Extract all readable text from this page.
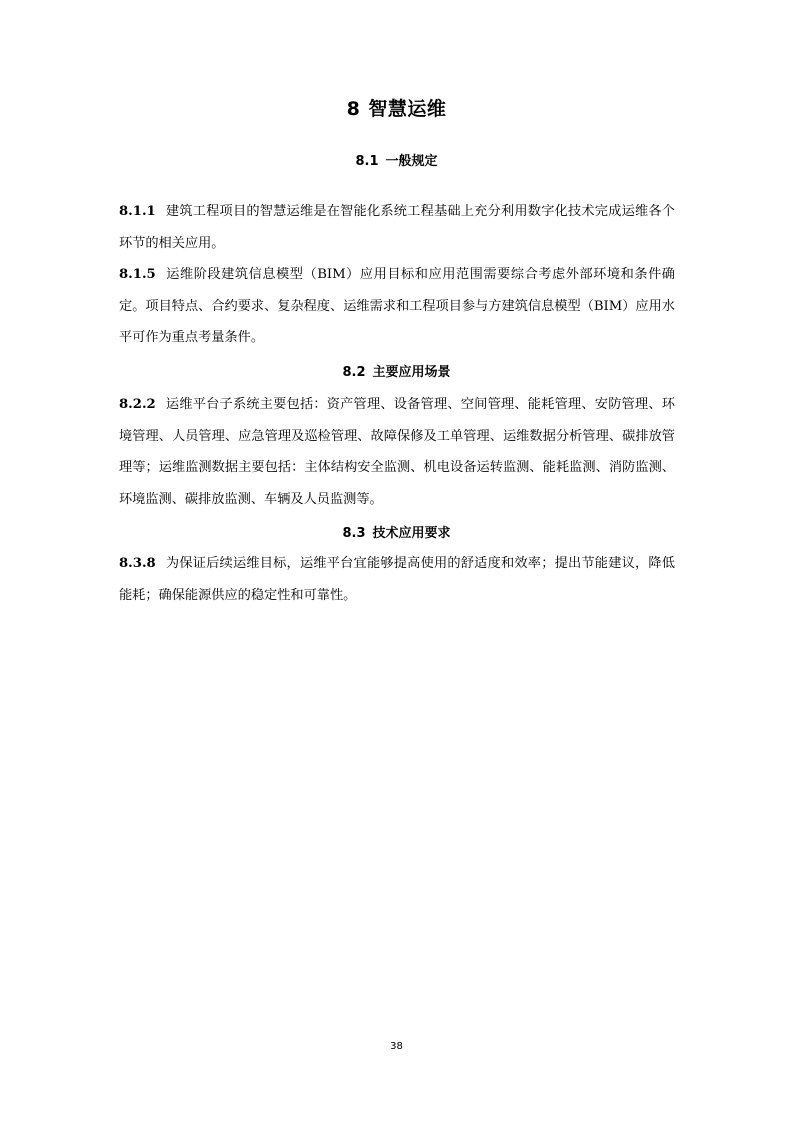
8 智慧运维
8.1 一般规定
8.1.1 建筑工程项目的智慧运维是在智能化系统工程基础上充分利用数字化技术完成运维各个环节的相关应用。
8.1.5 运维阶段建筑信息模型（BIM）应用目标和应用范围需要综合考虑外部环境和条件确定。项目特点、合约要求、复杂程度、运维需求和工程项目参与方建筑信息模型（BIM）应用水平可作为重点考量条件。
8.2 主要应用场景
8.2.2 运维平台子系统主要包括：资产管理、设备管理、空间管理、能耗管理、安防管理、环境管理、人员管理、应急管理及巡检管理、故障保修及工单管理、运维数据分析管理、碳排放管理等；运维监测数据主要包括：主体结构安全监测、机电设备运转监测、能耗监测、消防监测、环境监测、碳排放监测、车辆及人员监测等。
8.3 技术应用要求
8.3.8 为保证后续运维目标，运维平台宜能够提高使用的舒适度和效率；提出节能建议，降低能耗；确保能源供应的稳定性和可靠性。
38
